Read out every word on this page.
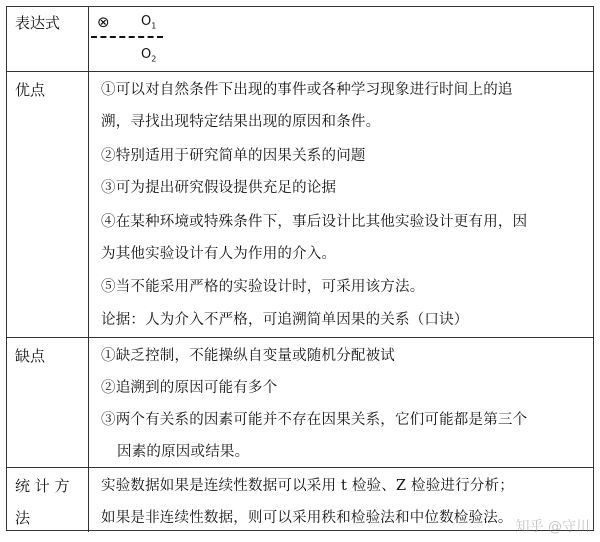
表达式 ⊗ $O_1$
$O_2$
优点	①可以对自然条件下出现的事件或各种学习现象进行时间上的追
溯，寻找出现特定结果出现的原因和条件。
②特别适用于研究简单的因果关系的问题
③可为提出研究假设提供充足的论据
④在某种环境或特殊条件下，事后设计比其他实验设计更有用，因
为其他实验设计有人为作用的介入。
⑤当不能采用严格的实验设计时，可采用该方法。
论据：人为介入不严格，可追溯简单因果的关系（口诀）
缺点	①缺乏控制，不能操纵自变量或随机分配被试
②追溯到的原因可能有多个
③两个有关系的因素可能并不存在因果关系，它们可能都是第三个
因素的原因或结果。
统 计 方
法
实验数据如果是连续性数据可以采用 t 检验、Z 检验进行分析；
如果是非连续性数据，则可以采用秩和检验法和中位数检验法。
知乎 @守川
